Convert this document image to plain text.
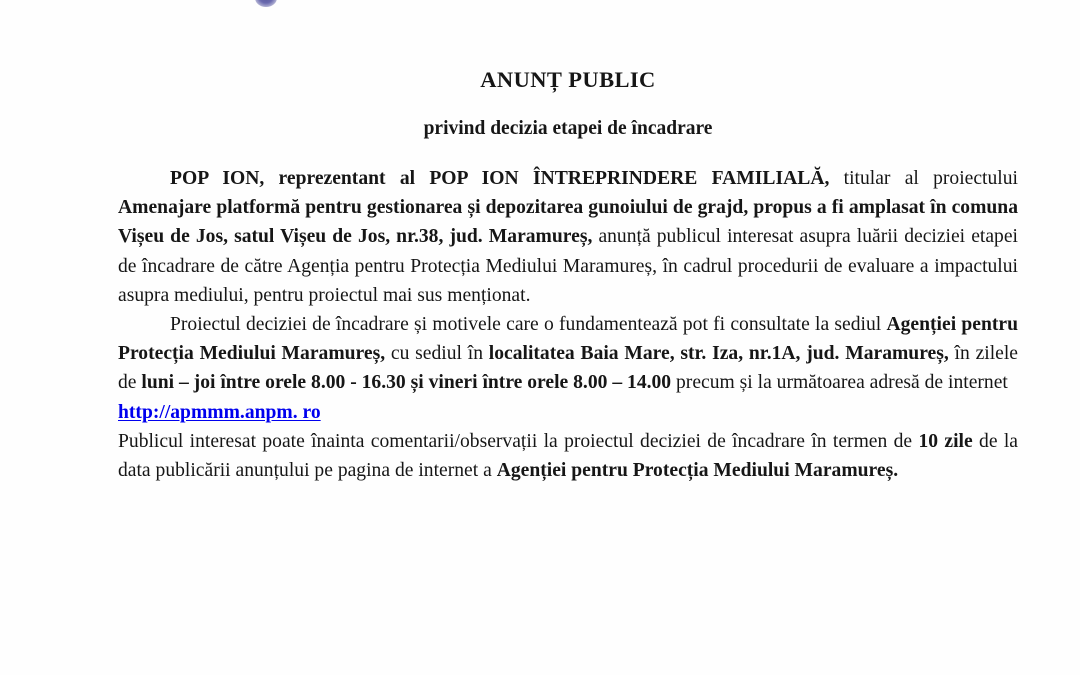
ANUNȚ PUBLIC
privind decizia etapei de încadrare

POP ION, reprezentant al POP ION ÎNTREPRINDERE FAMILIALĂ, titular al proiectului Amenajare platformă pentru gestionarea și depozitarea gunoiului de grajd, propus a fi amplasat în comuna Vișeu de Jos, satul Vișeu de Jos, nr.38, jud. Maramureș, anunță publicul interesat asupra luării deciziei etapei de încadrare de către Agenția pentru Protecția Mediului Maramureș, în cadrul procedurii de evaluare a impactului asupra mediului, pentru proiectul mai sus menționat.

Proiectul deciziei de încadrare și motivele care o fundamentează pot fi consultate la sediul Agenției pentru Protecția Mediului Maramureș, cu sediul în localitatea Baia Mare, str. Iza, nr.1A, jud. Maramureș, în zilele de luni – joi între orele 8.00 - 16.30 și vineri între orele 8.00 – 14.00 precum și la următoarea adresă de internet
http://apmmm.anpm. ro

Publicul interesat poate înainta comentarii/observații la proiectul deciziei de încadrare în termen de 10 zile de la data publicării anunțului pe pagina de internet a Agenției pentru Protecția Mediului Maramureș.
